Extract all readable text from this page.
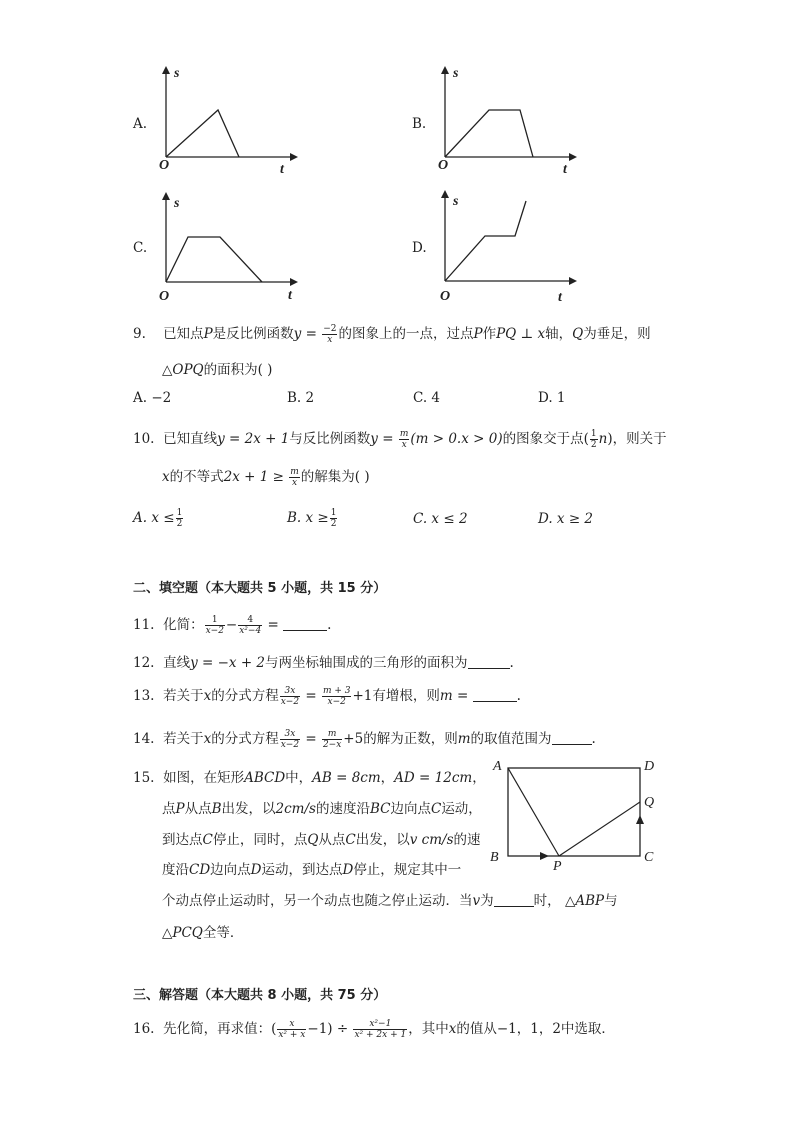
A.
s
O	t
B.
s
O	t
C.
s
O	t
D.
s
O	t
9. 已知点P是反比例函数$y = \frac{-2}{x}$ 的图象上的一点，过点P作PQ ⊥ x轴，Q为垂足，则
△OPQ的面积为( )
A. −2	B. 2	C. 4	D. 1
10. 已知直线y = 2x + 1与反比例函数$y = \frac{m}{x} (m > 0.x > 0)$的图象交于点( $\frac{1}{2} n$)，则关于
x的不等式$2x + 1 \ge \frac{m}{x}$ 的解集为( )
A. $x \le \frac{1}{2}$	B. $x \ge \frac{1}{2}$	C. x ≤ 2	D. x ≥ 2
二、填空题（本大题共 5 小题，共 15 分）
11. 化简： $\frac{1}{x-2} - \frac{4}{\text{x²−4}}$ =	.
12. 直线y = −x + 2与两坐标轴围成的三角形的面积为	.
13. 若关于x的分式方程 $\frac{3x}{x-2} = \frac{m + 3}{x-2} +1$有增根，则m =	.
14. 若关于x的分式方程 $\frac{3x}{x-2} = \frac{m}{2-x} +5$的解为正数，则m的取值范围为	.
15. 如图，在矩形ABCD中，AB = 8cm，AD = 12cm，
点P从点B出发，以2cm/s的速度沿BC边向点C运动，
到达点C停止，同时，点Q从点C出发，以v cm/s的速
度沿CD边向点D运动，到达点D停止，规定其中一
个动点停止运动时，另一个动点也随之停止运动．当v为	时， △ABP与
△PCQ全等．
A	D
Q
B	C
P
三、解答题（本大题共 8 小题，共 75 分）
16. 先化简，再求值：( $\frac{x}{\text{x² + x}} -1) \div \frac{\text{x²−1}}{\text{x² + 2x + 1}}$ ，其中x的值从−1，1，2中选取．
